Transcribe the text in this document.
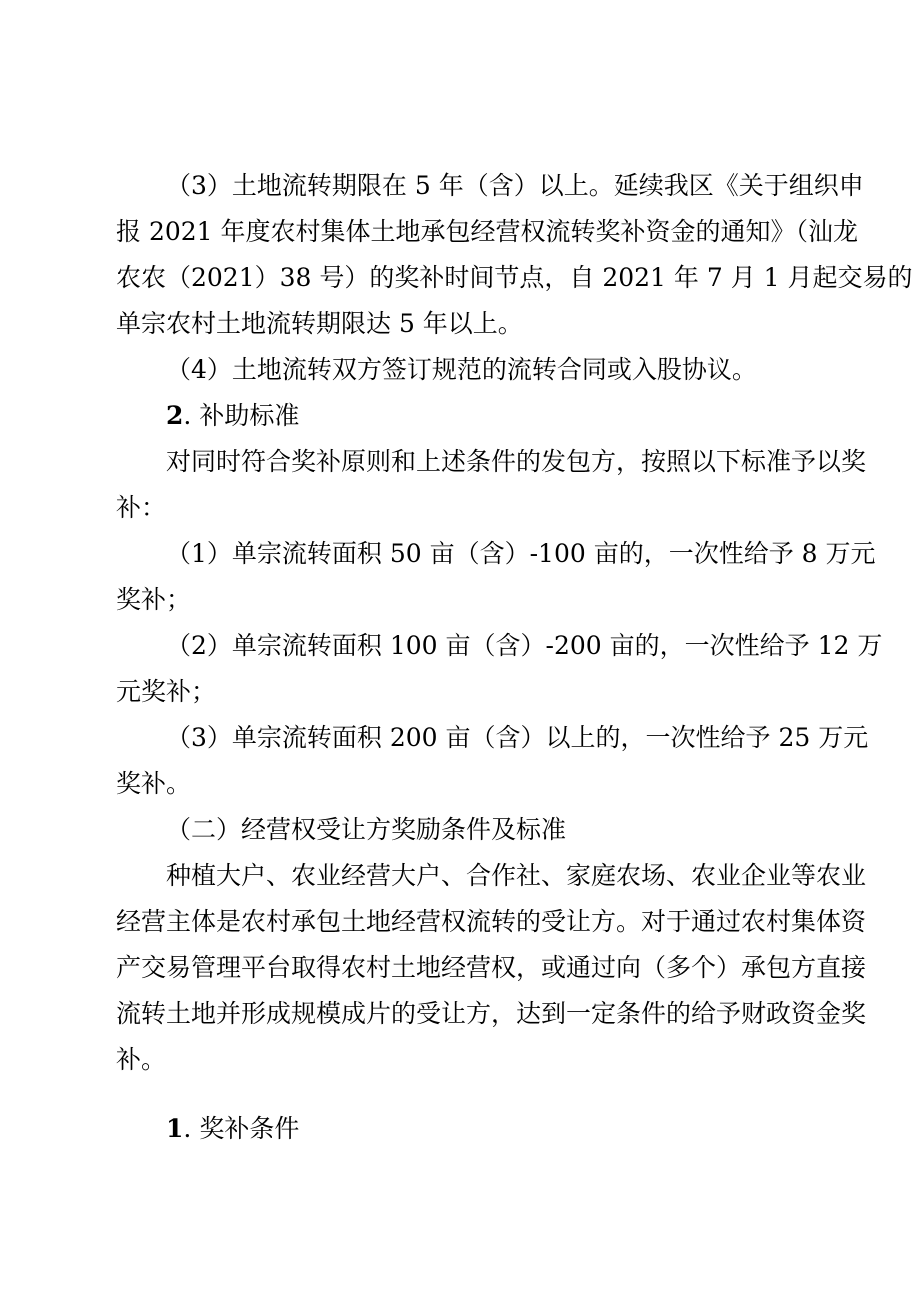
（3）土地流转期限在 5 年（含）以上。延续我区《关于组织申
报 2021 年度农村集体土地承包经营权流转奖补资金的通知》（汕龙
农农（2021）38 号）的奖补时间节点，自 2021 年 7 月 1 月起交易的
单宗农村土地流转期限达 5 年以上。
（4）土地流转双方签订规范的流转合同或入股协议。
2. 补助标准
对同时符合奖补原则和上述条件的发包方，按照以下标准予以奖
补：
（1）单宗流转面积 50 亩（含）-100 亩的，一次性给予 8 万元
奖补；
（2）单宗流转面积 100 亩（含）-200 亩的，一次性给予 12 万
元奖补；
（3）单宗流转面积 200 亩（含）以上的，一次性给予 25 万元
奖补。
（二）经营权受让方奖励条件及标准
种植大户、农业经营大户、合作社、家庭农场、农业企业等农业
经营主体是农村承包土地经营权流转的受让方。对于通过农村集体资
产交易管理平台取得农村土地经营权，或通过向（多个）承包方直接
流转土地并形成规模成片的受让方，达到一定条件的给予财政资金奖
补。
1. 奖补条件
